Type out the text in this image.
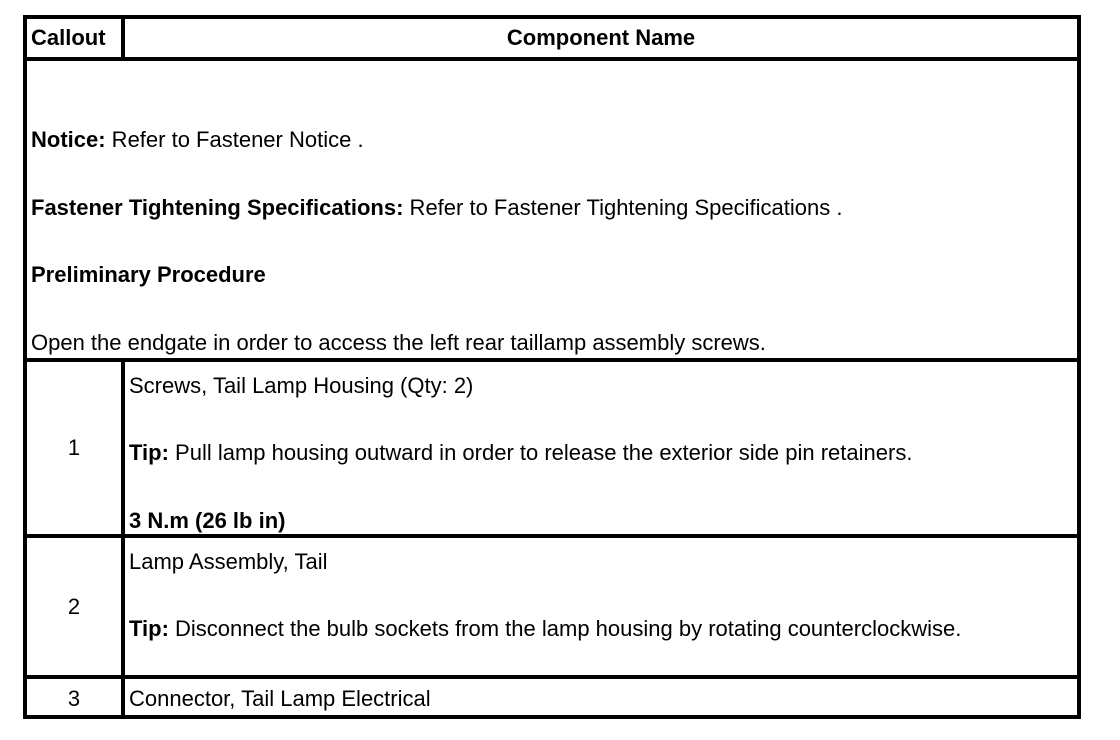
Callout	Component Name
Notice: Refer to Fastener Notice .
Fastener Tightening Specifications: Refer to Fastener Tightening Specifications .
Preliminary Procedure
Open the endgate in order to access the left rear taillamp assembly screws.
1
Screws, Tail Lamp Housing (Qty: 2)
Tip: Pull lamp housing outward in order to release the exterior side pin retainers.
3 N.m (26 lb in)
2
Lamp Assembly, Tail
Tip: Disconnect the bulb sockets from the lamp housing by rotating counterclockwise.
3	Connector, Tail Lamp Electrical
